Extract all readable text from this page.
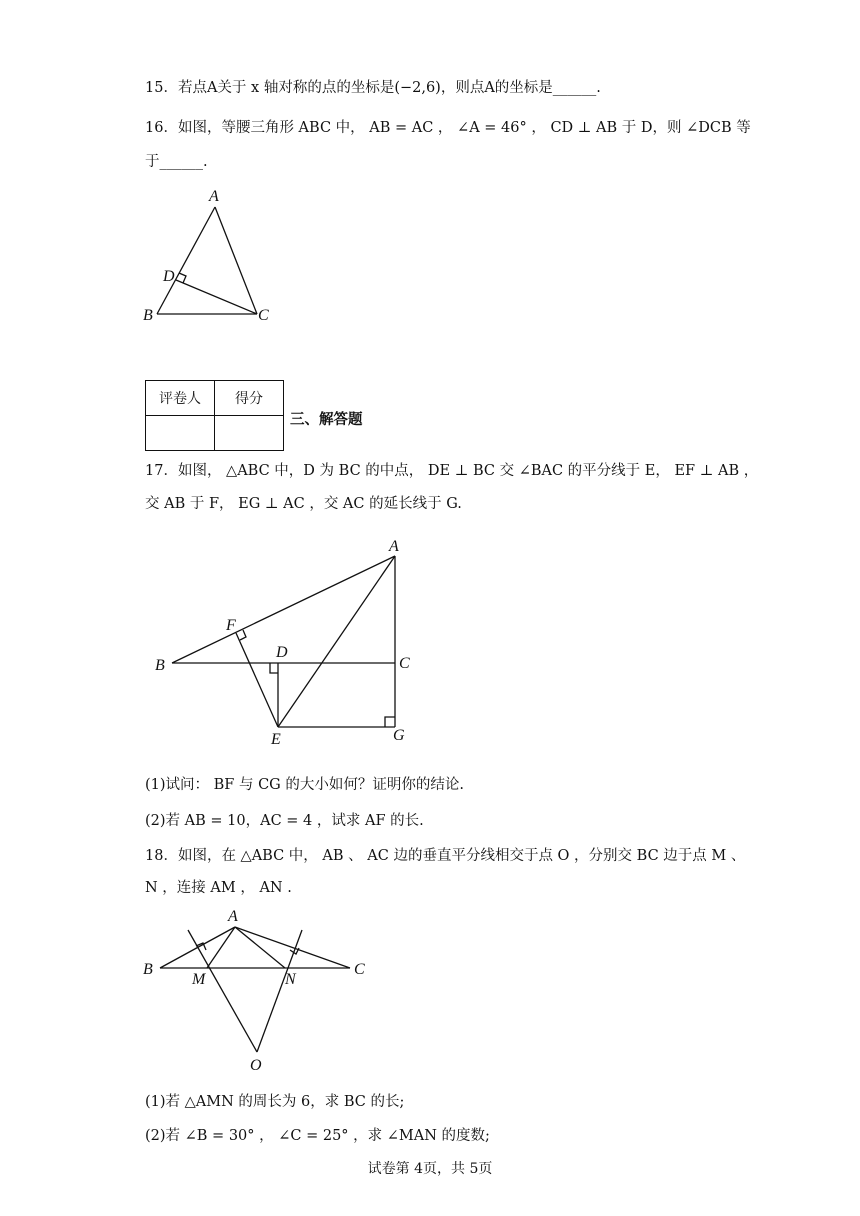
15．若点A关于 x 轴对称的点的坐标是(−2,6)，则点A的坐标是______.
16．如图，等腰三角形 ABC 中， AB = AC ， ∠A = 46° ， CD ⊥ AB 于 D，则 ∠DCB 等
于______.
A
D
B	C
评卷人	得分

三、解答题
17．如图， △ABC 中，D 为 BC 的中点， DE ⊥ BC 交 ∠BAC 的平分线于 E， EF ⊥ AB ，
交 AB 于 F， EG ⊥ AC ，交 AC 的延长线于 G.
A
F
B
D
C
E	G
(1)试问： BF 与 CG 的大小如何？证明你的结论.
(2)若 AB = 10，AC = 4 ，试求 AF 的长.
18．如图，在 △ABC 中， AB 、 AC 边的垂直平分线相交于点 O ，分别交 BC 边于点 M 、
N ，连接 AM ， AN .
A
B	C
M	N
O
(1)若 △AMN 的周长为 6，求 BC 的长;
(2)若 ∠B = 30° ， ∠C = 25° ，求 ∠MAN 的度数;
试卷第 4页，共 5页
